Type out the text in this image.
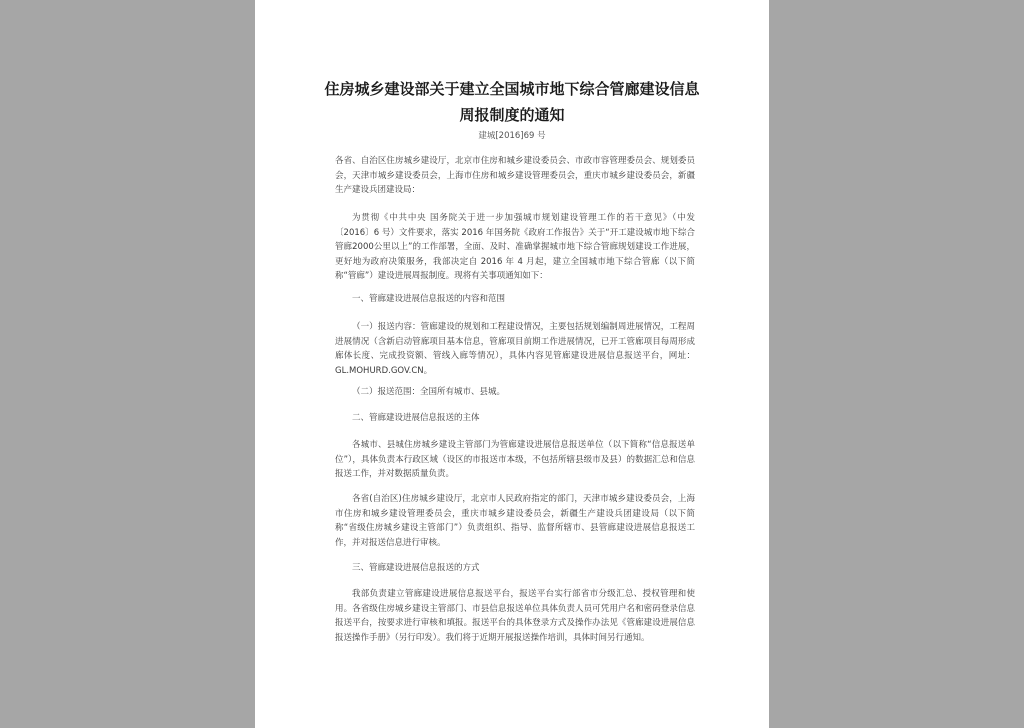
住房城乡建设部关于建立全国城市地下综合管廊建设信息
周报制度的通知
建城[2016]69 号

各省、自治区住房城乡建设厅，北京市住房和城乡建设委员会、市政市容管理委员会、规划委员会，天津市城乡建设委员会，上海市住房和城乡建设管理委员会，重庆市城乡建设委员会，新疆生产建设兵团建设局：

为贯彻《中共中央 国务院关于进一步加强城市规划建设管理工作的若干意见》（中发〔2016〕6 号）文件要求，落实 2016 年国务院《政府工作报告》关于“开工建设城市地下综合管廊2000公里以上”的工作部署，全面、及时、准确掌握城市地下综合管廊规划建设工作进展，更好地为政府决策服务，我部决定自 2016 年 4 月起，建立全国城市地下综合管廊（以下简称“管廊”）建设进展周报制度。现将有关事项通知如下：

一、管廊建设进展信息报送的内容和范围

（一）报送内容：管廊建设的规划和工程建设情况，主要包括规划编制周进展情况，工程周进展情况（含新启动管廊项目基本信息，管廊项目前期工作进展情况，已开工管廊项目每周形成廊体长度、完成投资额、管线入廊等情况），具体内容见管廊建设进展信息报送平台，网址：GL.MOHURD.GOV.CN。

（二）报送范围：全国所有城市、县城。

二、管廊建设进展信息报送的主体

各城市、县城住房城乡建设主管部门为管廊建设进展信息报送单位（以下简称“信息报送单位”），具体负责本行政区域（设区的市报送市本级，不包括所辖县级市及县）的数据汇总和信息报送工作，并对数据质量负责。

各省(自治区)住房城乡建设厅，北京市人民政府指定的部门，天津市城乡建设委员会，上海市住房和城乡建设管理委员会，重庆市城乡建设委员会，新疆生产建设兵团建设局（以下简称“省级住房城乡建设主管部门”）负责组织、指导、监督所辖市、县管廊建设进展信息报送工作，并对报送信息进行审核。

三、管廊建设进展信息报送的方式

我部负责建立管廊建设进展信息报送平台，报送平台实行部省市分级汇总、授权管理和使用。各省级住房城乡建设主管部门、市县信息报送单位具体负责人员可凭用户名和密码登录信息报送平台，按要求进行审核和填报。报送平台的具体登录方式及操作办法见《管廊建设进展信息报送操作手册》（另行印发）。我们将于近期开展报送操作培训，具体时间另行通知。
